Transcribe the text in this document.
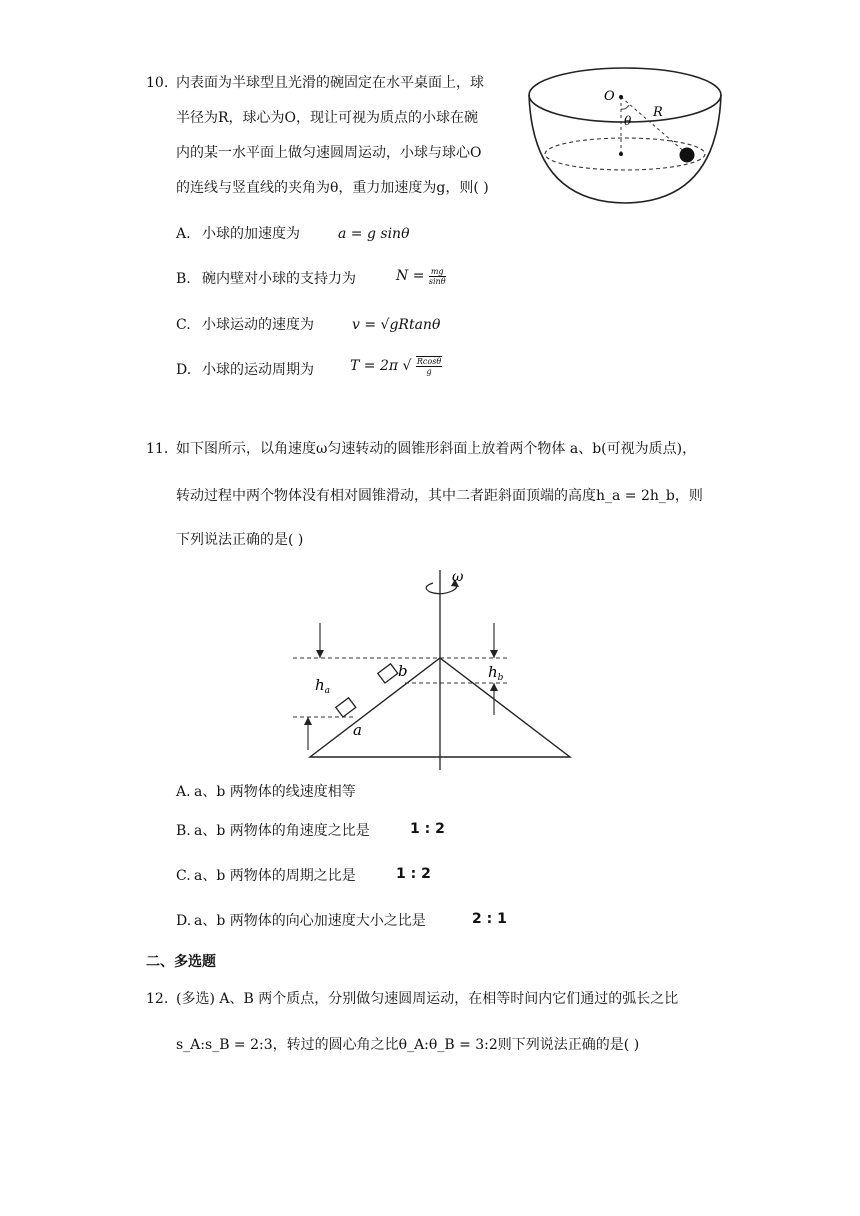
10. 内表面为半球型且光滑的碗固定在水平桌面上，球
半径为R，球心为O，现让可视为质点的小球在碗
内的某一水平面上做匀速圆周运动，小球与球心O
的连线与竖直线的夹角为θ，重力加速度为g，则( )
O
R
θ
A. 小球的加速度为	a = g sinθ
B. 碗内壁对小球的支持力为	$N = \frac{mg}{\sin\theta}$
C. 小球运动的速度为	v = √gRtanθ
D. 小球的运动周期为	T = 2π √ $\frac{Rcos\theta}{g}$
11. 如下图所示，以角速度ω匀速转动的圆锥形斜面上放着两个物体 a、b(可视为质点)，
转动过程中两个物体没有相对圆锥滑动，其中二者距斜面顶端的高度h_a = 2h_b，则
下列说法正确的是( )
ω
$h_a$
$h_b$
a
b
A. a、b 两物体的线速度相等
B. a、b 两物体的角速度之比是	1 : 2
C. a、b 两物体的周期之比是	1 : 2
D. a、b 两物体的向心加速度大小之比是	2 : 1
二、多选题
12. (多选) A、B 两个质点，分别做匀速圆周运动，在相等时间内它们通过的弧长之比
s_A:s_B = 2:3，转过的圆心角之比θ_A:θ_B = 3:2则下列说法正确的是( )
